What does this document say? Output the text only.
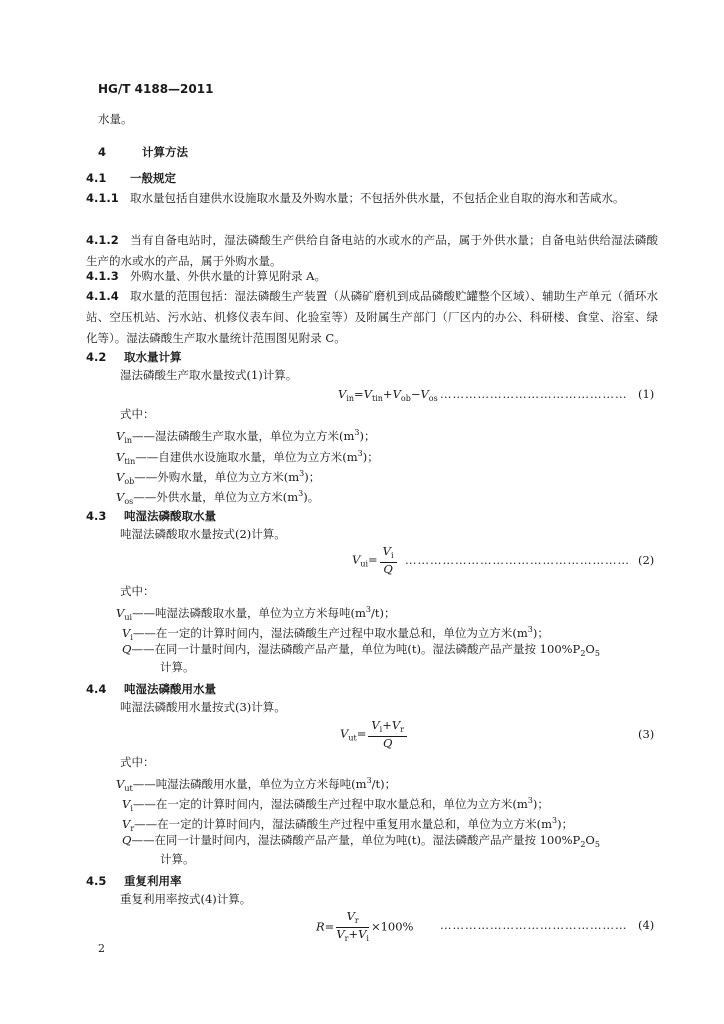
HG/T 4188—2011
水量。
4	计算方法
4.1 一般规定
4.1.1 取水量包括自建供水设施取水量及外购水量；不包括外供水量，不包括企业自取的海水和苦咸水。
4.1.2 当有自备电站时，湿法磷酸生产供给自备电站的水或水的产品，属于外供水量；自备电站供给湿法磷酸生产的水或水的产品，属于外购水量。
4.1.3 外购水量、外供水量的计算见附录 A。
4.1.4 取水量的范围包括：湿法磷酸生产装置（从磷矿磨机到成品磷酸贮罐整个区域）、辅助生产单元（循环水站、空压机站、污水站、机修仪表车间、化验室等）及附属生产部门（厂区内的办公、科研楼、食堂、浴室、绿化等）。湿法磷酸生产取水量统计范围图见附录 C。
4.2 取水量计算
湿法磷酸生产取水量按式(1)计算。
$V_{in}=V_{tin}+V_{ob}-V_{os}$ ……………………………………… (1)
式中：
$V_{in}——$湿法磷酸生产取水量，单位为立方米$(m^3)$；
$V_{tin}——$自建供水设施取水量，单位为立方米$(m^3)$；
$V_{ob}——$外购水量，单位为立方米$(m^3)$；
$V_{os}——$外供水量，单位为立方米$(m^3)$。
4.3 吨湿法磷酸取水量
吨湿法磷酸取水量按式(2)计算。
$V_{ui}= \frac{V_i}{Q}$ ……………………………………………… (2)
式中：
$V_{ui}——$吨湿法磷酸取水量，单位为立方米每吨$(m^3/t)$；
$V_i——$在一定的计算时间内，湿法磷酸生产过程中取水量总和，单位为立方米$(m^3)$；
Q——在同一计量时间内，湿法磷酸产品产量，单位为吨(t)。湿法磷酸产品产量按 $100\%P_2O_5$
计算。
4.4 吨湿法磷酸用水量
吨湿法磷酸用水量按式(3)计算。
$V_{ut}= \frac{V_i+V_r}{Q}$	(3)
式中：
$V_{ut}——$吨湿法磷酸用水量，单位为立方米每吨$(m^3/t)$；
$V_i——$在一定的计算时间内，湿法磷酸生产过程中取水量总和，单位为立方米$(m^3)$；
$V_r——$在一定的计算时间内，湿法磷酸生产过程中重复用水量总和，单位为立方米$(m^3)$；
Q——在同一计量时间内，湿法磷酸产品产量，单位为吨(t)。湿法磷酸产品产量按 $100\%P_2O_5$
计算。
4.5 重复利用率
重复利用率按式(4)计算。
$R= \frac{V_r}{V_r+V_i} \times 100\%$ ……………………………………… (4)
2
